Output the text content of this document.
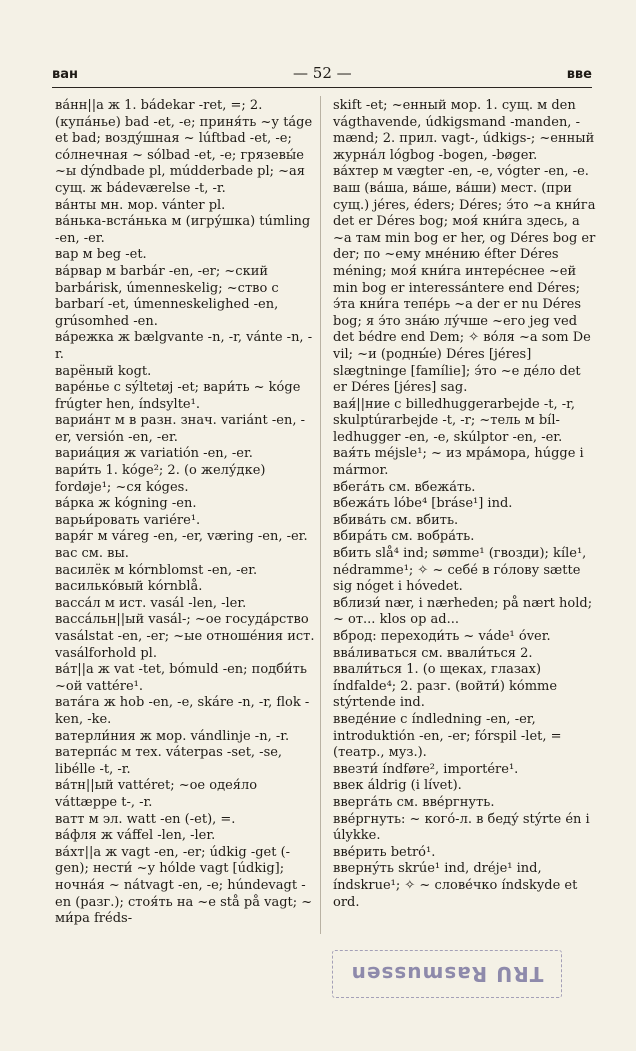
ван	— 52 —	вве

ва́нн||а ж 1. bádekar -ret, =; 2. (купа́нье) bad -et, -e; приня́ть ~у táge et bad; возду́шная ~ lúftbad -et, -e; со́лнечная ~ sólbad -et, -e; грязевы́е ~ы dýndbade pl, múdderbade pl; ~ая сущ. ж bádeværelse -t, -r.

ва́нты мн. мор. vánter pl.

ва́нька-вста́нька м (игру́шка) túmling -en, -er.

вар м beg -et.

ва́рвар м barbár -en, -er; ~ский barbárisk, úmenneskelig; ~ство с barbarí -et, úmenneskelighed -en, grúsomhed -en.

ва́режка ж bælgvante -n, -r, vánte -n, -r.

варёный kogt.

варе́нье с sýltetøj -et; вари́ть ~ kóge frúgter hen, índsylte¹.

вариа́нт м в разн. знач. variánt -en, -er, versión -en, -er.

вариа́ция ж variatión -en, -er.

вари́ть 1. kóge²; 2. (о желу́дке) fordøje¹; ~ся kóges.

ва́рка ж kógning -en.

варьи́ровать variére¹.

варя́г м váreg -en, -er, væring -en, -er.

вас см. вы.

василёк м kórnblomst -en, -er.

василько́вый kórnblå.

васса́л м ист. vasál -len, -ler.

васса́льн||ый vasál-; ~ое госуда́рство vasálstat -en, -er; ~ые отноше́ния ист. vasálforhold pl.

ва́т||а ж vat -tet, bómuld -en; подби́ть ~ой vattére¹.

ватáга ж hob -en, -e, skáre -n, -r, flok -ken, -ke.

ватерли́ния ж мор. vándlinje -n, -r.

ватерпа́с м тех. váterpas -set, -se, libélle -t, -r.

ва́тн||ый vattéret; ~ое одея́ло váttæppe t-, -r.

ватт м эл. watt -en (-et), =.

ва́фля ж váffel -len, -ler.

ва́хт||а ж vagt -en, -er; údkig -get (-gen); нести́ ~у hólde vagt [údkig]; ночна́я ~ nátvagt -en, -e; húndevagt -en (разг.); стоя́ть на ~е stå på vagt; ~ ми́ра fréds-

skift -et; ~енный мор. 1. сущ. м den vágthavende, údkigsmand -manden, -mænd; 2. прил. vagt-, údkigs-; ~енный журна́л lógbog -bogen, -bøger.

ва́хтер м vægter -en, -e, vógter -en, -e.

ваш (ва́ша, ва́ше, ва́ши) мест. (при сущ.) jéres, éders; Déres; э́то ~а кни́га det er Déres bog; моя́ кни́га здесь, а ~а там min bog er her, og Déres bog er der; по ~ему мне́нию éfter Déres méning; моя́ кни́га интере́снее ~ей min bog er interessántere end Déres; э́та кни́га тепе́рь ~а der er nu Déres bog; я э́то зна́ю лу́чше ~его jeg ved det bédre end Dem; ✧ во́ля ~а som De vil; ~и (родны́е) Déres [jéres] slægtninge [famílie]; э́то ~е де́ло det er Déres [jéres] sag.

вая́||ние с billedhuggerarbejde -t, -r, skulptúrarbejde -t, -r; ~тель м bílledhugger -en, -e, skúlptor -en, -er.

вая́ть méjsle¹; ~ из мра́мора, húgge i mármor.

вбега́ть см. вбежа́ть.

вбежа́ть lóbe⁴ [bráse¹] ind.

вбива́ть см. вбить.

вбира́ть см. вобра́ть.

вбить slå⁴ ind; sømme¹ (гвозди); kíle¹, nédramme¹; ✧ ~ себе́ в го́лову sætte sig nóget i hóvedet.

вблизи́ nær, i nærheden; på nært hold; ~ от... klos op ad...

вброд: переходи́ть ~ váde¹ óver.

вва́ливаться см. ввали́ться 2.

ввали́ться 1. (о щеках, глазах) índfalde⁴; 2. разг. (войти́) kómme stýrtende ind.

введе́ние с índledning -en, -er, introduktión -en, -er; fórspil -let, = (театр., муз.).

ввезти́ índføre², importére¹.

ввек áldrig (i lívet).

вверга́ть см. вве́ргнуть.

вве́ргнуть: ~ кого́-л. в беду́ stýrte én i úlykke.

вве́рить betró¹.

ввернýть skrúe¹ ind, dréje¹ ind, índskrue¹; ✧ ~ слове́чко índskyde et ord.

TRU Rasmussen
